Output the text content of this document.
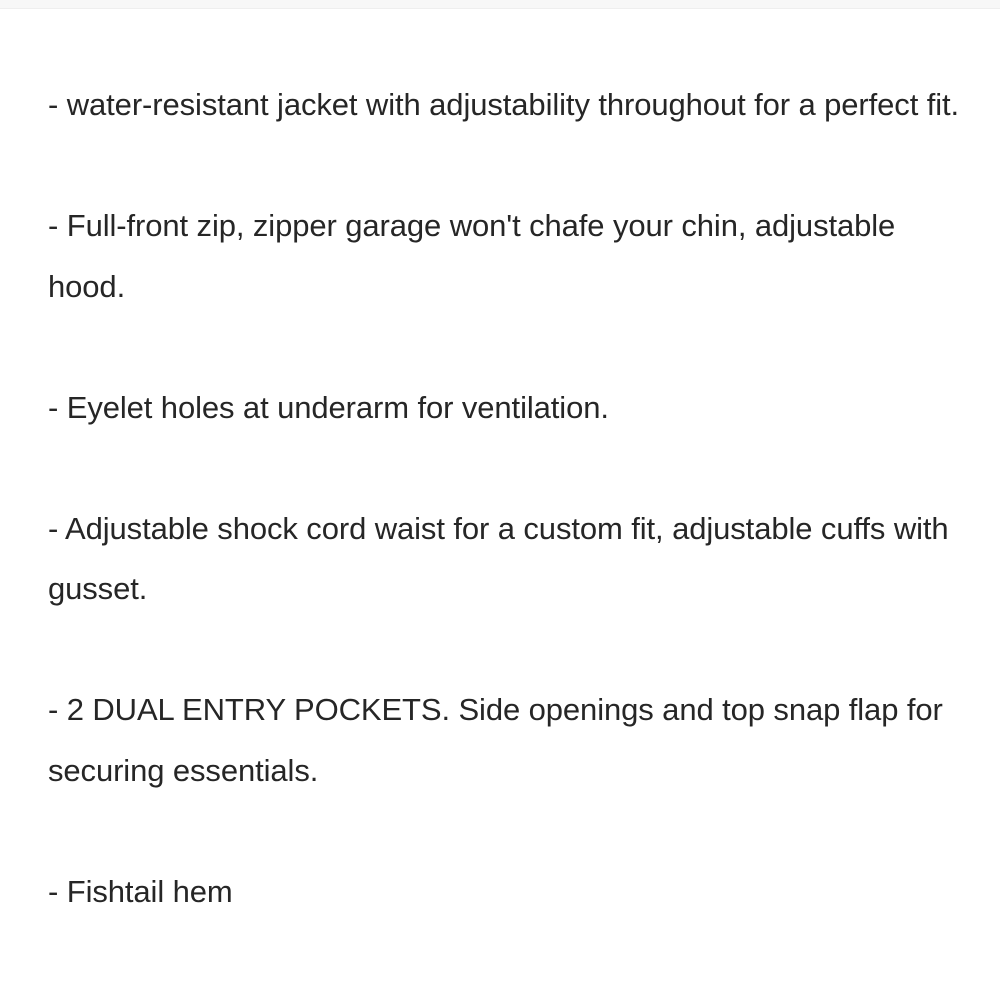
- water-resistant jacket with adjustability throughout for a perfect fit.

- Full-front zip, zipper garage won't chafe your chin, adjustable hood.

- Eyelet holes at underarm for ventilation.

- Adjustable shock cord waist for a custom fit, adjustable cuffs with gusset.

- 2 DUAL ENTRY POCKETS. Side openings and top snap flap for securing essentials.

- Fishtail hem
